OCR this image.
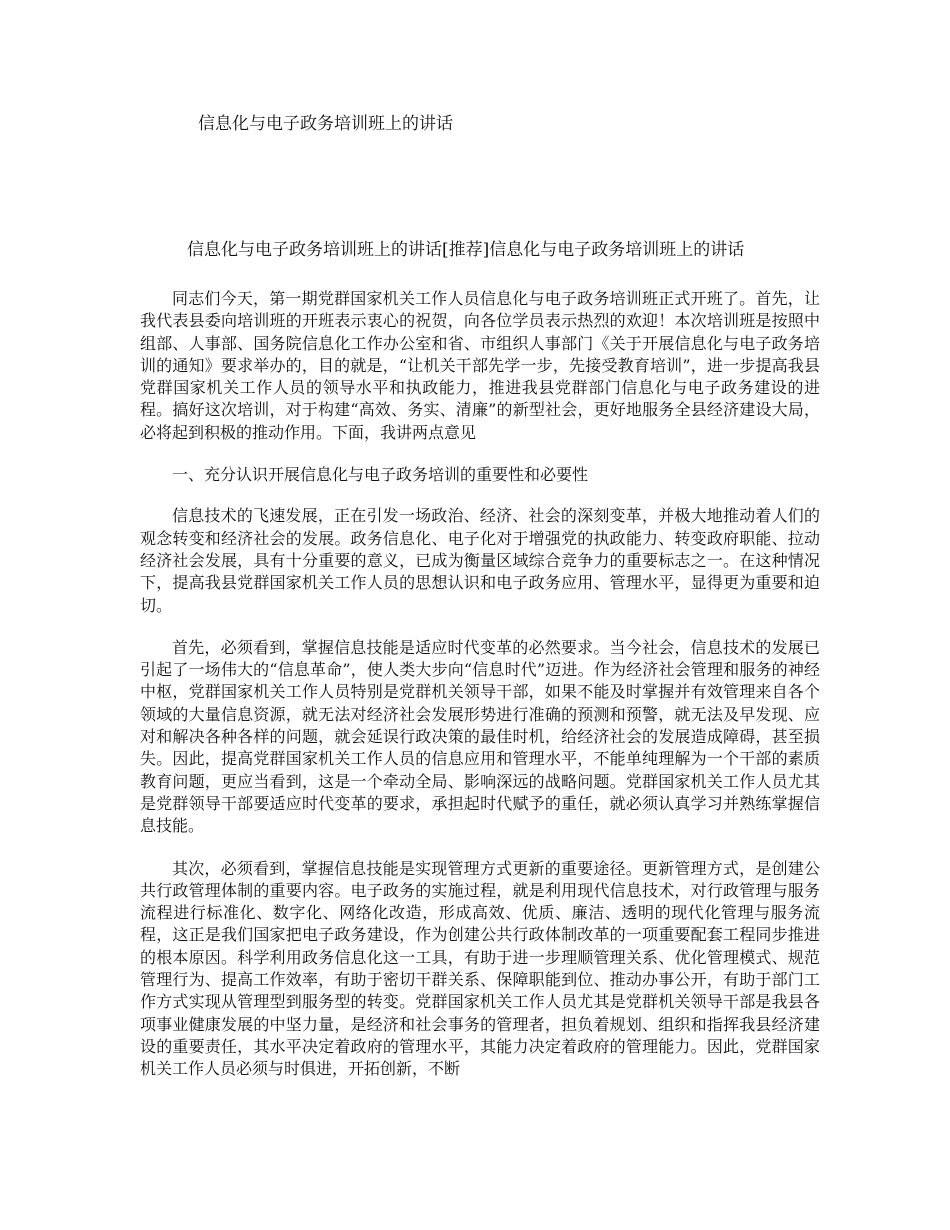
信息化与电子政务培训班上的讲话
信息化与电子政务培训班上的讲话[推荐]信息化与电子政务培训班上的讲话

同志们今天，第一期党群国家机关工作人员信息化与电子政务培训班正式开班了。首先，让我代表县委向培训班的开班表示衷心的祝贺，向各位学员表示热烈的欢迎！本次培训班是按照中组部、人事部、国务院信息化工作办公室和省、市组织人事部门《关于开展信息化与电子政务培训的通知》要求举办的，目的就是，“让机关干部先学一步，先接受教育培训”，进一步提高我县党群国家机关工作人员的领导水平和执政能力，推进我县党群部门信息化与电子政务建设的进程。搞好这次培训，对于构建“高效、务实、清廉”的新型社会，更好地服务全县经济建设大局，必将起到积极的推动作用。下面，我讲两点意见

一、充分认识开展信息化与电子政务培训的重要性和必要性

信息技术的飞速发展，正在引发一场政治、经济、社会的深刻变革，并极大地推动着人们的观念转变和经济社会的发展。政务信息化、电子化对于增强党的执政能力、转变政府职能、拉动经济社会发展，具有十分重要的意义，已成为衡量区域综合竞争力的重要标志之一。在这种情况下，提高我县党群国家机关工作人员的思想认识和电子政务应用、管理水平，显得更为重要和迫切。

首先，必须看到，掌握信息技能是适应时代变革的必然要求。当今社会，信息技术的发展已引起了一场伟大的“信息革命”，使人类大步向“信息时代”迈进。作为经济社会管理和服务的神经中枢，党群国家机关工作人员特别是党群机关领导干部，如果不能及时掌握并有效管理来自各个领域的大量信息资源，就无法对经济社会发展形势进行准确的预测和预警，就无法及早发现、应对和解决各种各样的问题，就会延误行政决策的最佳时机，给经济社会的发展造成障碍，甚至损失。因此，提高党群国家机关工作人员的信息应用和管理水平，不能单纯理解为一个干部的素质教育问题，更应当看到，这是一个牵动全局、影响深远的战略问题。党群国家机关工作人员尤其是党群领导干部要适应时代变革的要求，承担起时代赋予的重任，就必须认真学习并熟练掌握信息技能。

其次，必须看到，掌握信息技能是实现管理方式更新的重要途径。更新管理方式，是创建公共行政管理体制的重要内容。电子政务的实施过程，就是利用现代信息技术，对行政管理与服务流程进行标准化、数字化、网络化改造，形成高效、优质、廉洁、透明的现代化管理与服务流程，这正是我们国家把电子政务建设，作为创建公共行政体制改革的一项重要配套工程同步推进的根本原因。科学利用政务信息化这一工具，有助于进一步理顺管理关系、优化管理模式、规范管理行为、提高工作效率，有助于密切干群关系、保障职能到位、推动办事公开，有助于部门工作方式实现从管理型到服务型的转变。党群国家机关工作人员尤其是党群机关领导干部是我县各项事业健康发展的中坚力量，是经济和社会事务的管理者，担负着规划、组织和指挥我县经济建设的重要责任，其水平决定着政府的管理水平，其能力决定着政府的管理能力。因此，党群国家机关工作人员必须与时俱进，开拓创新，不断
